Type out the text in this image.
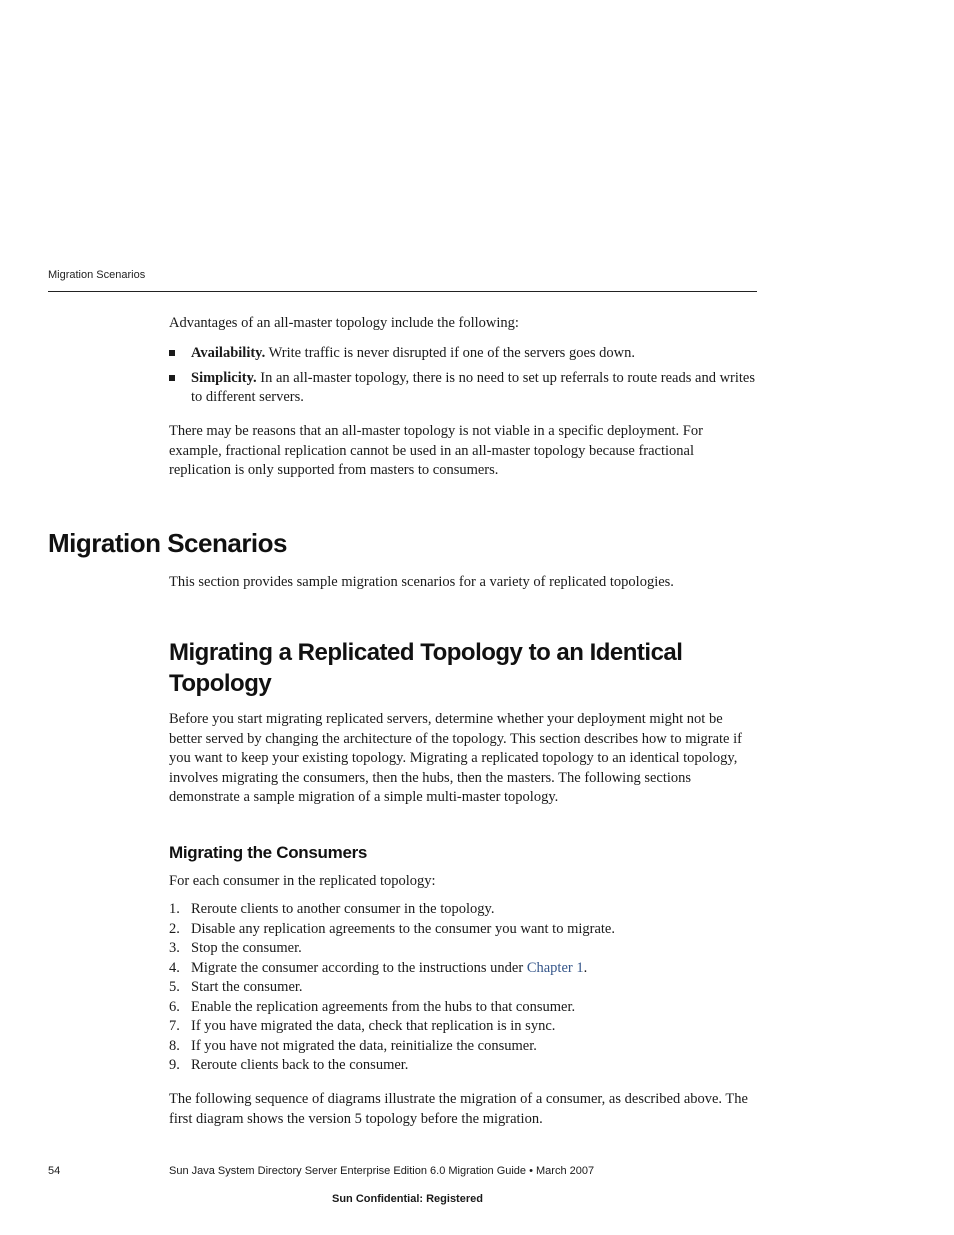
Migration Scenarios

Advantages of an all-master topology include the following:

Availability. Write traffic is never disrupted if one of the servers goes down.
Simplicity. In an all-master topology, there is no need to set up referrals to route reads and writes to different servers.

There may be reasons that an all-master topology is not viable in a specific deployment. For example, fractional replication cannot be used in an all-master topology because fractional replication is only supported from masters to consumers.

Migration Scenarios

This section provides sample migration scenarios for a variety of replicated topologies.

Migrating a Replicated Topology to an Identical Topology

Before you start migrating replicated servers, determine whether your deployment might not be better served by changing the architecture of the topology. This section describes how to migrate if you want to keep your existing topology. Migrating a replicated topology to an identical topology, involves migrating the consumers, then the hubs, then the masters. The following sections demonstrate a sample migration of a simple multi-master topology.

Migrating the Consumers

For each consumer in the replicated topology:

1. Reroute clients to another consumer in the topology.
2. Disable any replication agreements to the consumer you want to migrate.
3. Stop the consumer.
4. Migrate the consumer according to the instructions under Chapter 1.
5. Start the consumer.
6. Enable the replication agreements from the hubs to that consumer.
7. If you have migrated the data, check that replication is in sync.
8. If you have not migrated the data, reinitialize the consumer.
9. Reroute clients back to the consumer.

The following sequence of diagrams illustrate the migration of a consumer, as described above. The first diagram shows the version 5 topology before the migration.

54	Sun Java System Directory Server Enterprise Edition 6.0 Migration Guide • March 2007
Sun Confidential: Registered
